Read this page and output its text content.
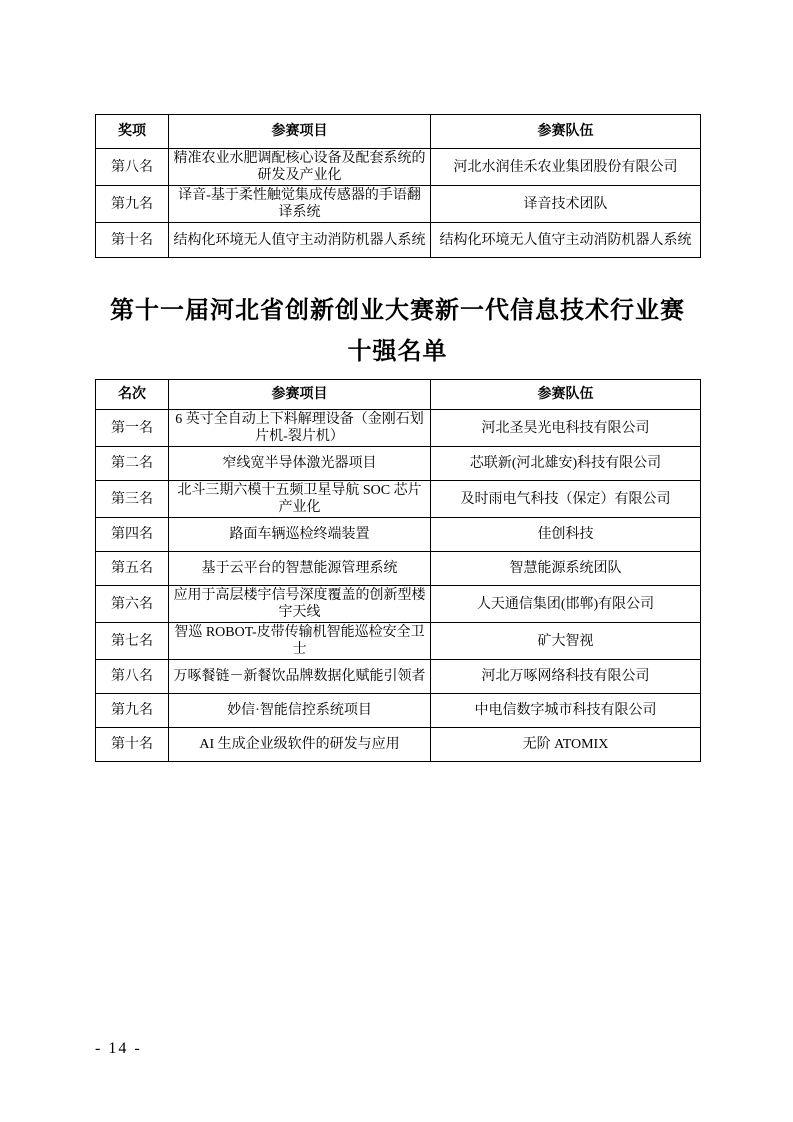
奖项	参赛项目	参赛队伍
第八名	精准农业水肥调配核心设备及配套系统的研发及产业化	河北水润佳禾农业集团股份有限公司
第九名	译音-基于柔性触觉集成传感器的手语翻译系统	译音技术团队
第十名	结构化环境无人值守主动消防机器人系统	结构化环境无人值守主动消防机器人系统
第十一届河北省创新创业大赛新一代信息技术行业赛
十强名单
名次	参赛项目	参赛队伍
第一名	6 英寸全自动上下料解理设备（金刚石划片机-裂片机）	河北圣昊光电科技有限公司
第二名	窄线宽半导体激光器项目	芯联新(河北雄安)科技有限公司
第三名	北斗三期六模十五频卫星导航 SOC 芯片产业化	及时雨电气科技（保定）有限公司
第四名	路面车辆巡检终端装置	佳创科技
第五名	基于云平台的智慧能源管理系统	智慧能源系统团队
第六名	应用于高层楼宇信号深度覆盖的创新型楼宇天线	人天通信集团(邯郸)有限公司
第七名	智巡 ROBOT-皮带传输机智能巡检安全卫士	矿大智视
第八名	万啄餐链－新餐饮品牌数据化赋能引领者	河北万啄网络科技有限公司
第九名	妙信·智能信控系统项目	中电信数字城市科技有限公司
第十名	AI 生成企业级软件的研发与应用	无阶 ATOMIX
- 14 -
